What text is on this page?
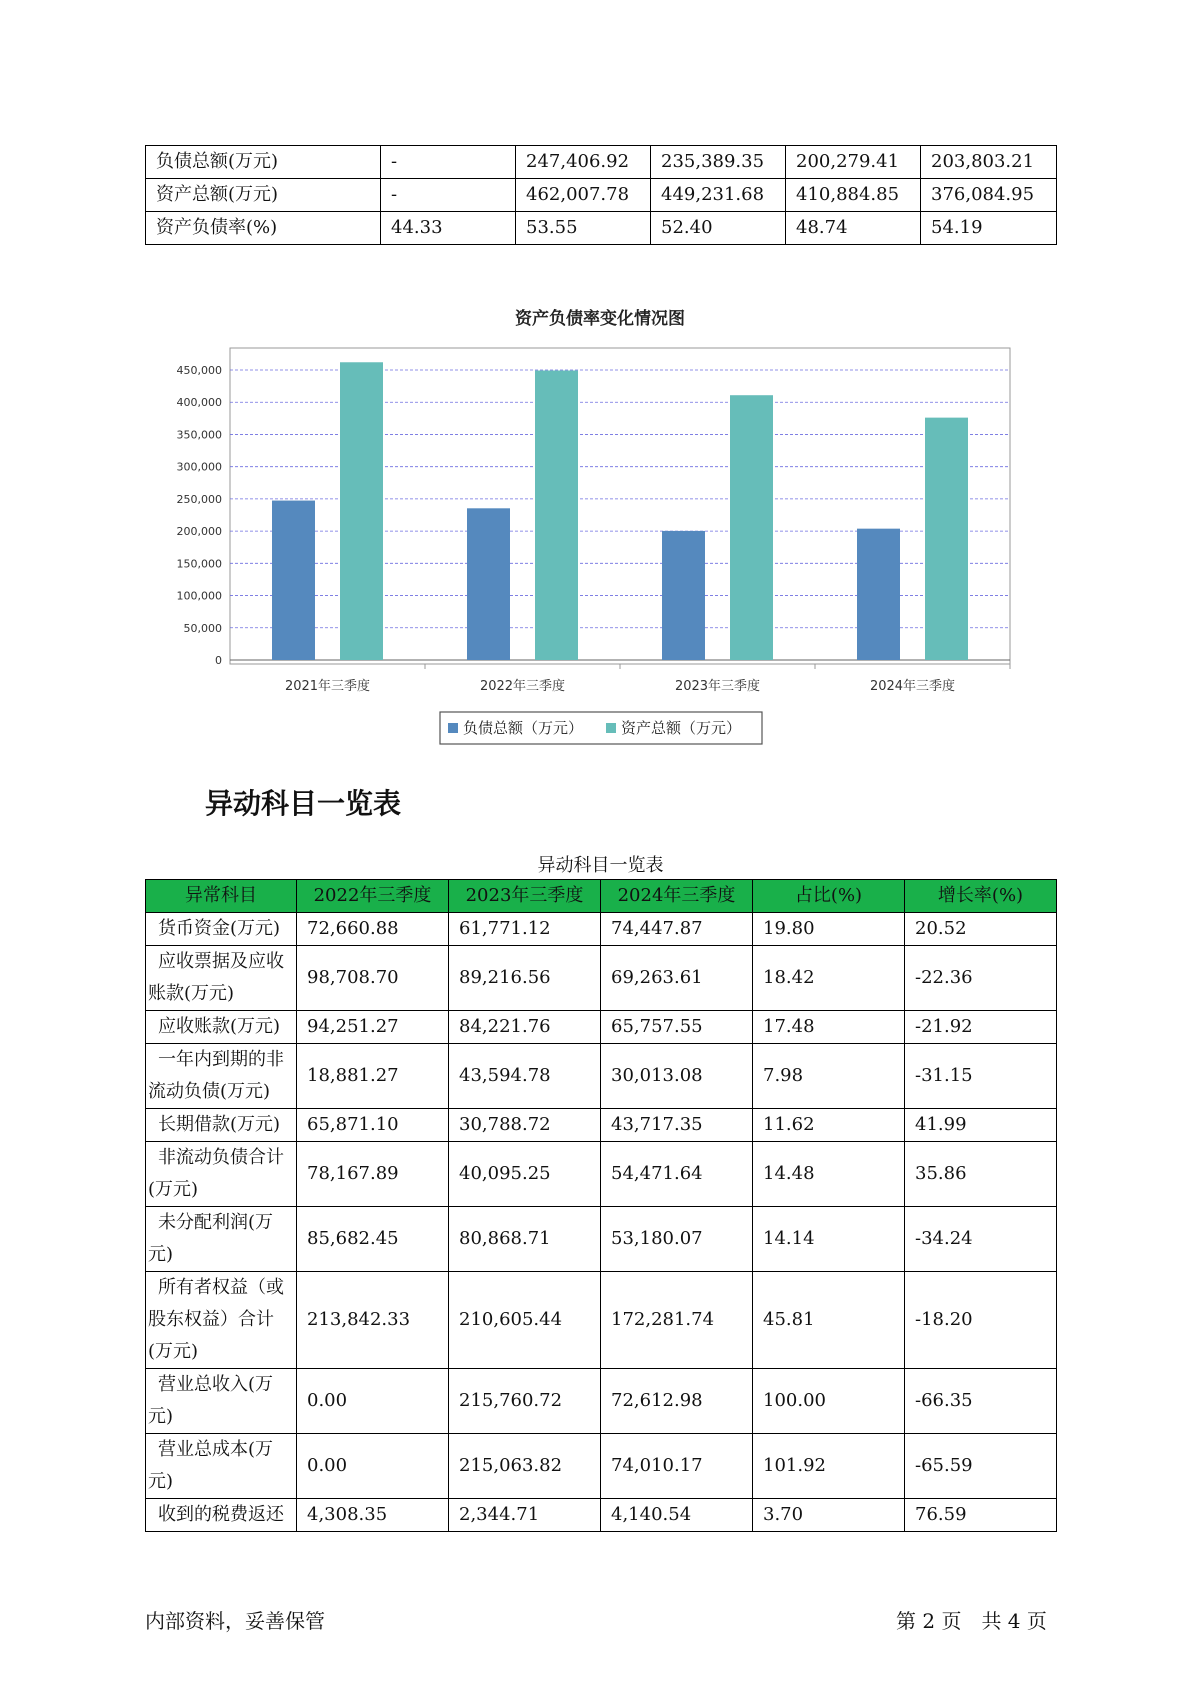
负债总额(万元)	-	247,406.92	235,389.35	200,279.41	203,803.21
资产总额(万元)	-	462,007.78	449,231.68	410,884.85	376,084.95
资产负债率(%)	44.33	53.55	52.40	48.74	54.19
资产负债率变化情况图
0
50,000
100,000
150,000
200,000
250,000
300,000
350,000
400,000
450,000
2021年三季度	2022年三季度	2023年三季度	2024年三季度
负债总额（万元）	资产总额（万元）
异动科目一览表
异动科目一览表
异常科目	2022年三季度	2023年三季度	2024年三季度	占比(%)	增长率(%)
货币资金(万元)	72,660.88	61,771.12	74,447.87	19.80	20.52
应收票据及应收账款(万元)	98,708.70	89,216.56	69,263.61	18.42	-22.36
应收账款(万元)	94,251.27	84,221.76	65,757.55	17.48	-21.92
一年内到期的非流动负债(万元)	18,881.27	43,594.78	30,013.08	7.98	-31.15
长期借款(万元)	65,871.10	30,788.72	43,717.35	11.62	41.99
非流动负债合计(万元)	78,167.89	40,095.25	54,471.64	14.48	35.86
未分配利润(万元)	85,682.45	80,868.71	53,180.07	14.14	-34.24
所有者权益（或股东权益）合计(万元)	213,842.33	210,605.44	172,281.74	45.81	-18.20
营业总收入(万元)	0.00	215,760.72	72,612.98	100.00	-66.35
营业总成本(万元)	0.00	215,063.82	74,010.17	101.92	-65.59
收到的税费返还	4,308.35	2,344.71	4,140.54	3.70	76.59
内部资料，妥善保管	第 2 页　共 4 页
